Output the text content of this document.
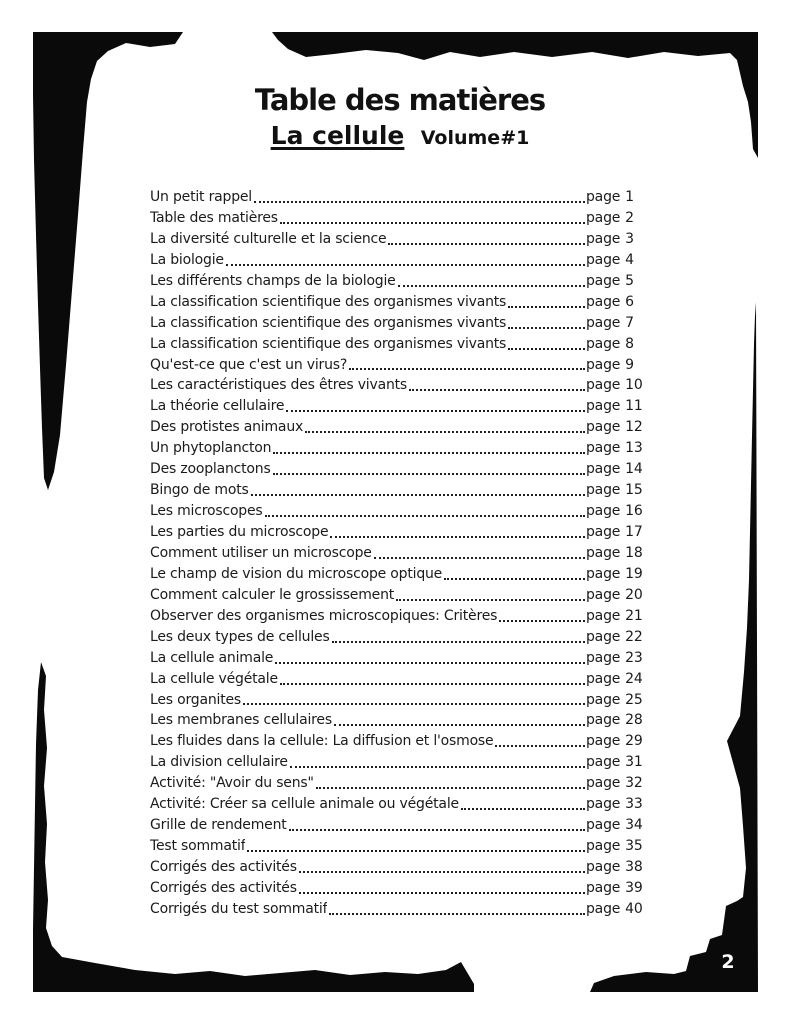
Table des matières
La cellule Volume#1
Un petit rappel	page 1
Table des matières	page 2
La diversité culturelle et la science	page 3
La biologie	page 4
Les différents champs de la biologie	page 5
La classification scientifique des organismes vivants	page 6
La classification scientifique des organismes vivants	page 7
La classification scientifique des organismes vivants	page 8
Qu'est-ce que c'est un virus?	page 9
Les caractéristiques des êtres vivants	page 10
La théorie cellulaire	page 11
Des protistes animaux	page 12
Un phytoplancton	page 13
Des zooplanctons	page 14
Bingo de mots	page 15
Les microscopes	page 16
Les parties du microscope	page 17
Comment utiliser un microscope	page 18
Le champ de vision du microscope optique	page 19
Comment calculer le grossissement	page 20
Observer des organismes microscopiques: Critères	page 21
Les deux types de cellules	page 22
La cellule animale	page 23
La cellule végétale	page 24
Les organites	page 25
Les membranes cellulaires	page 28
Les fluides dans la cellule: La diffusion et l'osmose	page 29
La division cellulaire	page 31
Activité: "Avoir du sens"	page 32
Activité: Créer sa cellule animale ou végétale	page 33
Grille de rendement	page 34
Test sommatif	page 35
Corrigés des activités	page 38
Corrigés des activités	page 39
Corrigés du test sommatif	page 40
2
